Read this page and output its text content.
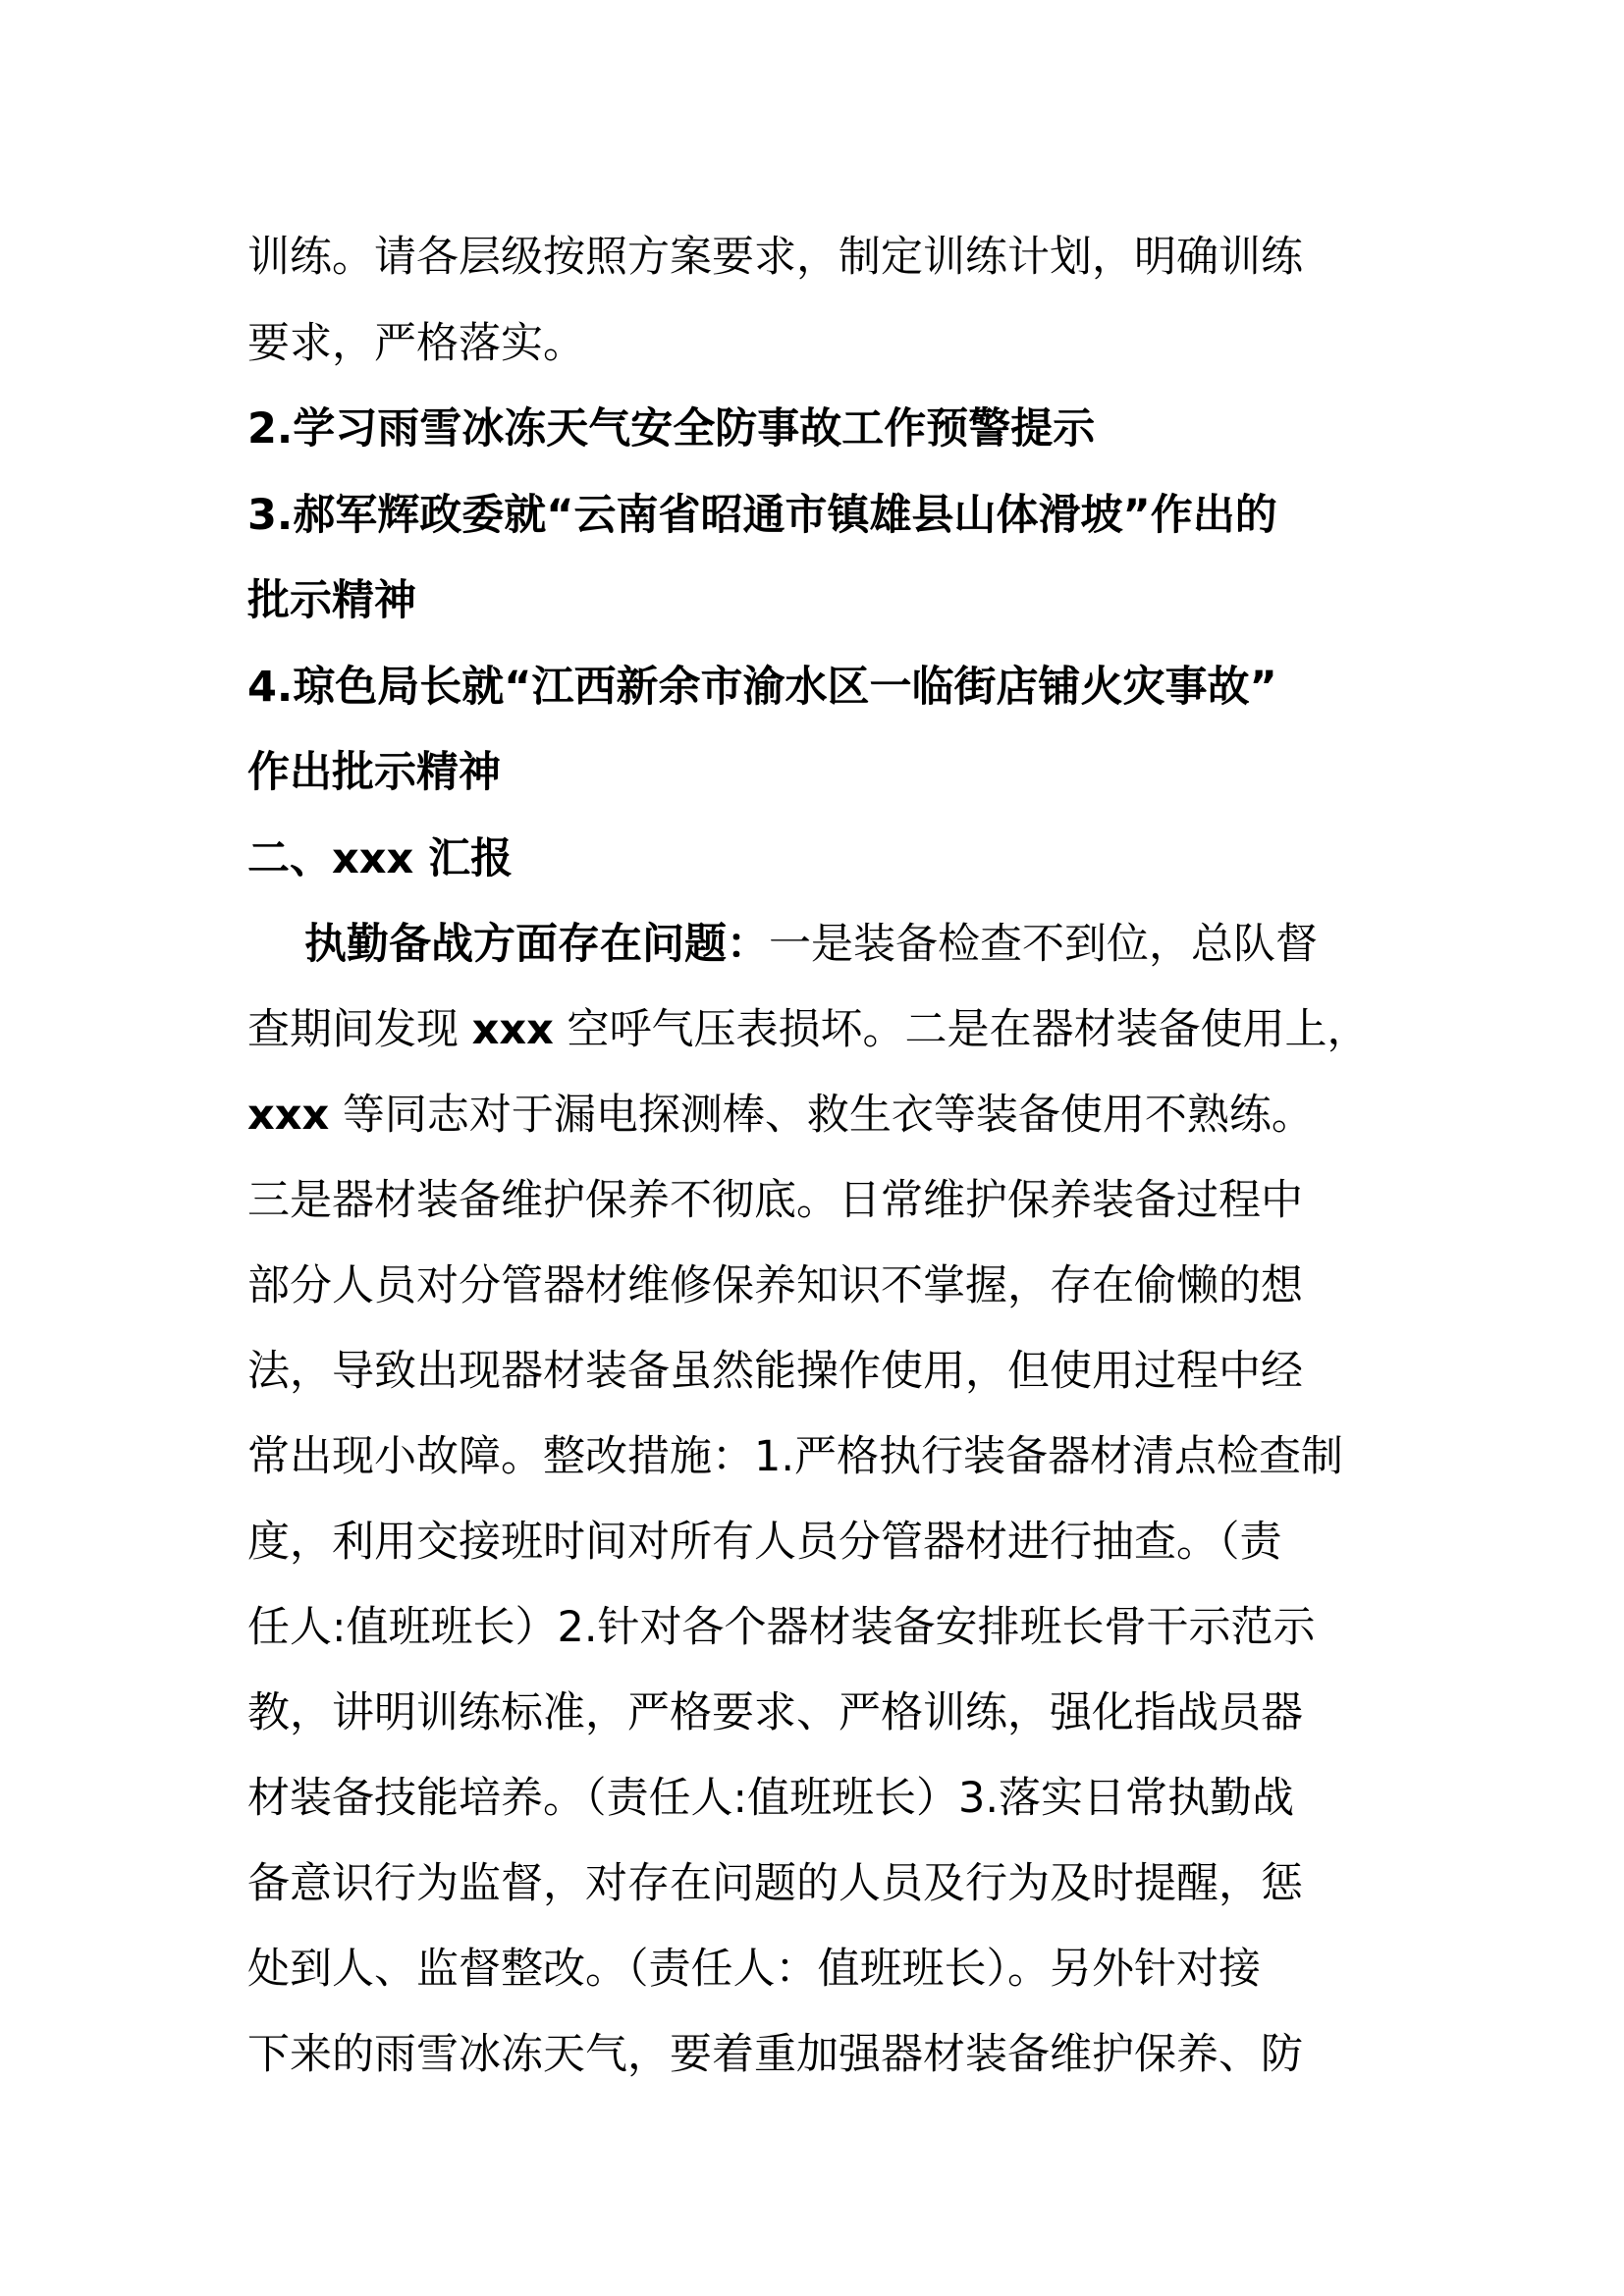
训练。请各层级按照方案要求，制定训练计划，明确训练
要求，严格落实。
2.学习雨雪冰冻天气安全防事故工作预警提示
3.郝军辉政委就“云南省昭通市镇雄县山体滑坡”作出的
批示精神
4.琼色局长就“江西新余市渝水区一临街店铺火灾事故”
作出批示精神
二、xxx 汇报
执勤备战方面存在问题：一是装备检查不到位，总队督
查期间发现 xxx 空呼气压表损坏。二是在器材装备使用上，
xxx 等同志对于漏电探测棒、救生衣等装备使用不熟练。
三是器材装备维护保养不彻底。日常维护保养装备过程中
部分人员对分管器材维修保养知识不掌握，存在偷懒的想
法，导致出现器材装备虽然能操作使用，但使用过程中经
常出现小故障。整改措施：1.严格执行装备器材清点检查制
度，利用交接班时间对所有人员分管器材进行抽查。（责
任人:值班班长）2.针对各个器材装备安排班长骨干示范示
教，讲明训练标准，严格要求、严格训练，强化指战员器
材装备技能培养。（责任人:值班班长）3.落实日常执勤战
备意识行为监督，对存在问题的人员及行为及时提醒，惩
处到人、监督整改。（责任人：值班班长）。另外针对接
下来的雨雪冰冻天气，要着重加强器材装备维护保养、防
